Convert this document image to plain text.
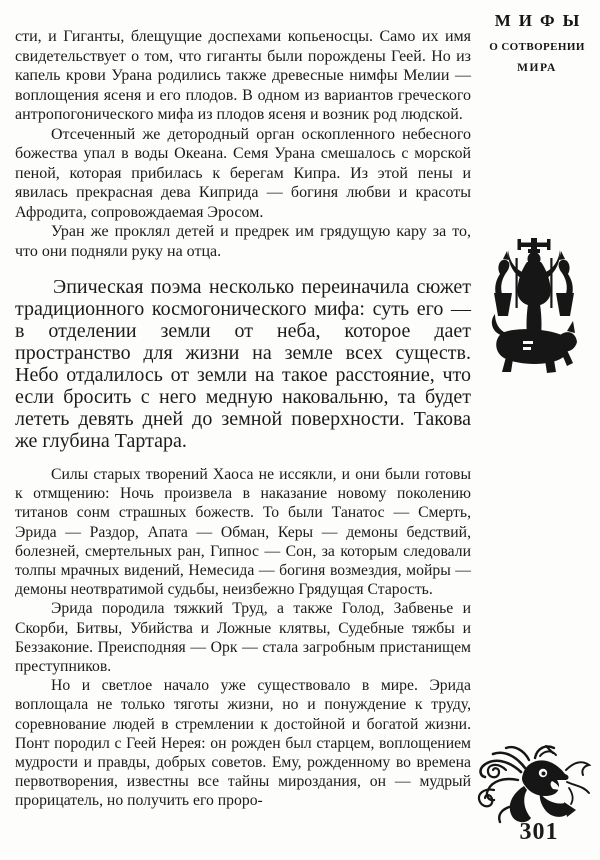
МИФЫ
О СОТВОРЕНИИ
МИРА

сти, и Гиганты, блещущие доспехами копьеносцы. Само их имя свидетельствует о том, что гиганты были порождены Геей. Но из капель крови Урана родились также древесные нимфы Мелии — воплощения ясеня и его плодов. В одном из вариантов греческого антропогонического мифа из плодов ясеня и возник род людской.

Отсеченный же детородный орган оскопленного небесного божества упал в воды Океана. Семя Урана смешалось с морской пеной, которая прибилась к берегам Кипра. Из этой пены и явилась прекрасная дева Киприда — богиня любви и красоты Афродита, сопровождаемая Эросом.

Уран же проклял детей и предрек им грядущую кару за то, что они подняли руку на отца.

Эпическая поэма несколько переиначила сюжет традиционного космогонического мифа: суть его — в отделении земли от неба, которое дает пространство для жизни на земле всех существ. Небо отдалилось от земли на такое расстояние, что если бросить с него медную наковальню, та будет лететь девять дней до земной поверхности. Такова же глубина Тартара.

Силы старых творений Хаоса не иссякли, и они были готовы к отмщению: Ночь произвела в наказание новому поколению титанов сонм страшных божеств. То были Танатос — Смерть, Эрида — Раздор, Апата — Обман, Керы — демоны бедствий, болезней, смертельных ран, Гипнос — Сон, за которым следовали толпы мрачных видений, Немесида — богиня возмездия, мойры — демоны неотвратимой судьбы, неизбежно Грядущая Старость.

Эрида породила тяжкий Труд, а также Голод, Забвенье и Скорби, Битвы, Убийства и Ложные клятвы, Судебные тяжбы и Беззаконие. Преисподняя — Орк — стала загробным пристанищем преступников.

Но и светлое начало уже существовало в мире. Эрида воплощала не только тяготы жизни, но и понуждение к труду, соревнование людей в стремлении к достойной и богатой жизни. Понт породил с Геей Нерея: он рожден был старцем, воплощением мудрости и правды, добрых советов. Ему, рожденному во времена первотворения, известны все тайны мироздания, он — мудрый прорицатель, но получить его проро-

301
